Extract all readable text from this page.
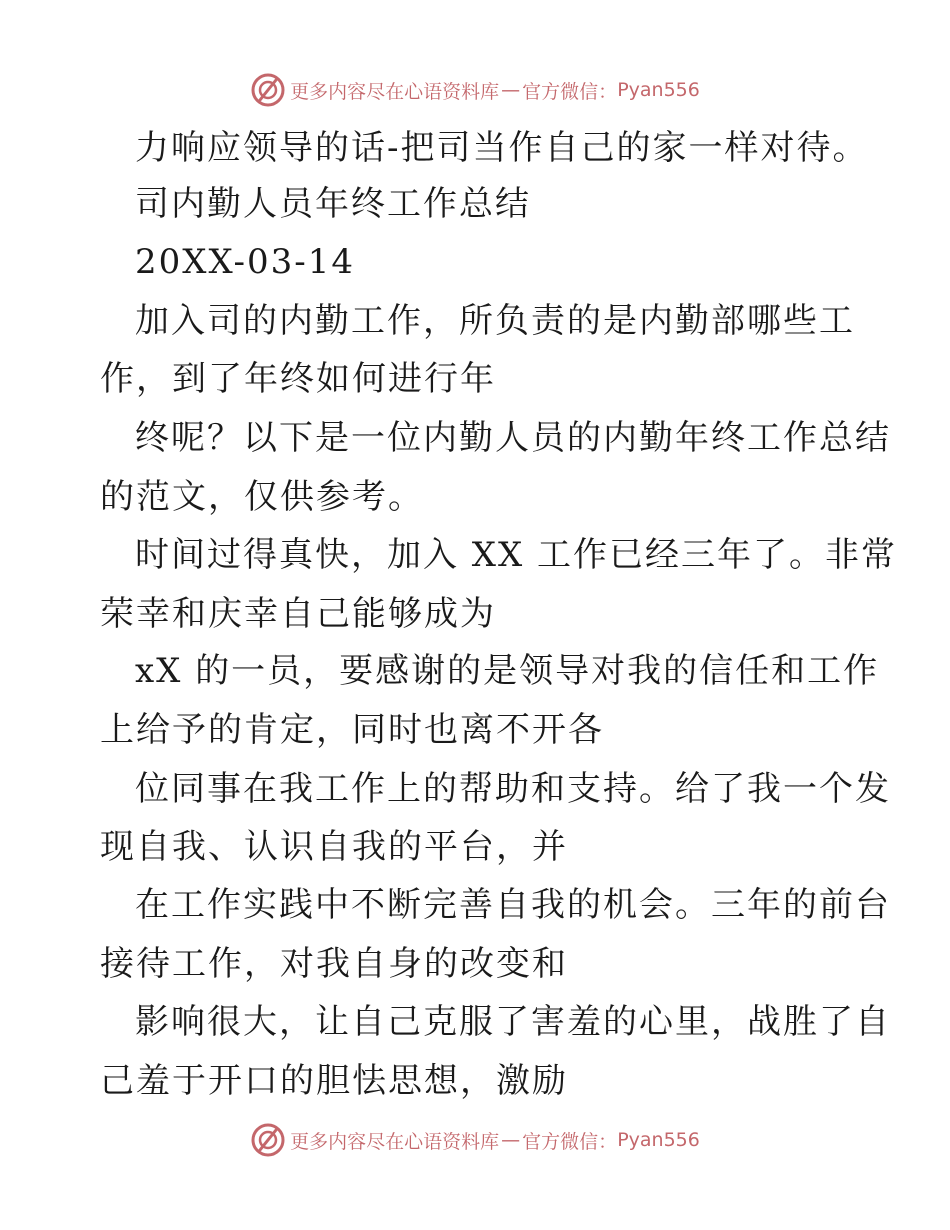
更多内容尽在心语资料库 — 官方微信： Pyan556
力响应领导的话-把司当作自己的家一样对待。
司内勤人员年终工作总结
20XX-03-14
加入司的内勤工作，所负责的是内勤部哪些工
作，到了年终如何进行年
终呢？以下是一位内勤人员的内勤年终工作总结
的范文，仅供参考。
时间过得真快，加入 XX 工作已经三年了。非常
荣幸和庆幸自己能够成为
xX 的一员，要感谢的是领导对我的信任和工作
上给予的肯定，同时也离不开各
位同事在我工作上的帮助和支持。给了我一个发
现自我、认识自我的平台，并
在工作实践中不断完善自我的机会。三年的前台
接待工作，对我自身的改变和
影响很大，让自己克服了害羞的心里，战胜了自
己羞于开口的胆怯思想，激励
更多内容尽在心语资料库 — 官方微信： Pyan556
